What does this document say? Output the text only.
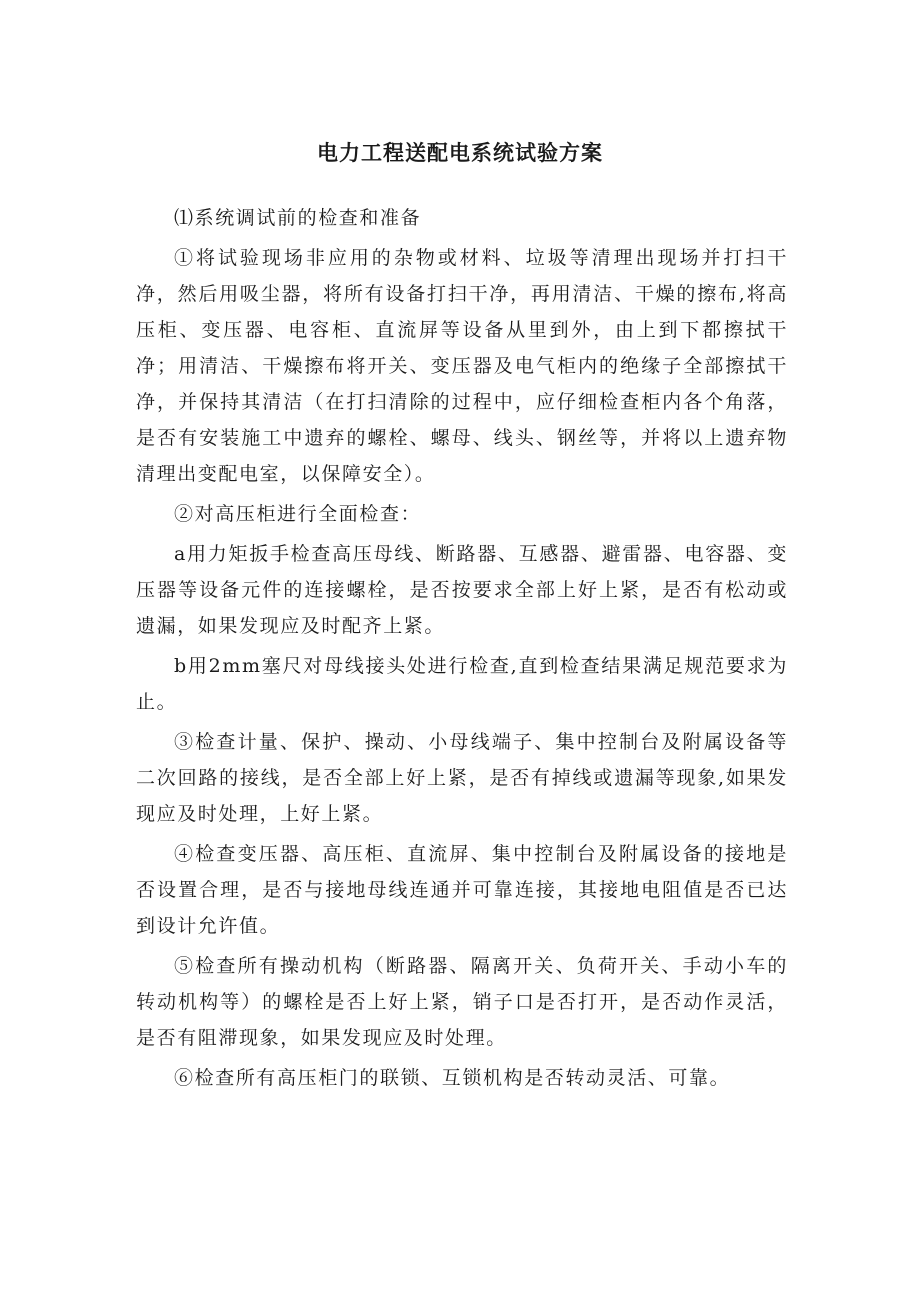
电力工程送配电系统试验方案

⑴系统调试前的检查和准备

①将试验现场非应用的杂物或材料、垃圾等清理出现场并打扫干净，然后用吸尘器，将所有设备打扫干净，再用清洁、干燥的擦布,将高压柜、变压器、电容柜、直流屏等设备从里到外，由上到下都擦拭干净；用清洁、干燥擦布将开关、变压器及电气柜内的绝缘子全部擦拭干净，并保持其清洁（在打扫清除的过程中，应仔细检查柜内各个角落，是否有安装施工中遗弃的螺栓、螺母、线头、钢丝等，并将以上遗弃物清理出变配电室，以保障安全）。

②对高压柜进行全面检查：

a用力矩扳手检查高压母线、断路器、互感器、避雷器、电容器、变压器等设备元件的连接螺栓，是否按要求全部上好上紧，是否有松动或遗漏，如果发现应及时配齐上紧。

b用2mm塞尺对母线接头处进行检查,直到检查结果满足规范要求为止。

③检查计量、保护、操动、小母线端子、集中控制台及附属设备等二次回路的接线，是否全部上好上紧，是否有掉线或遗漏等现象,如果发现应及时处理，上好上紧。

④检查变压器、高压柜、直流屏、集中控制台及附属设备的接地是否设置合理，是否与接地母线连通并可靠连接，其接地电阻值是否已达到设计允许值。

⑤检查所有操动机构（断路器、隔离开关、负荷开关、手动小车的转动机构等）的螺栓是否上好上紧，销子口是否打开，是否动作灵活，是否有阻滞现象，如果发现应及时处理。

⑥检查所有高压柜门的联锁、互锁机构是否转动灵活、可靠。
